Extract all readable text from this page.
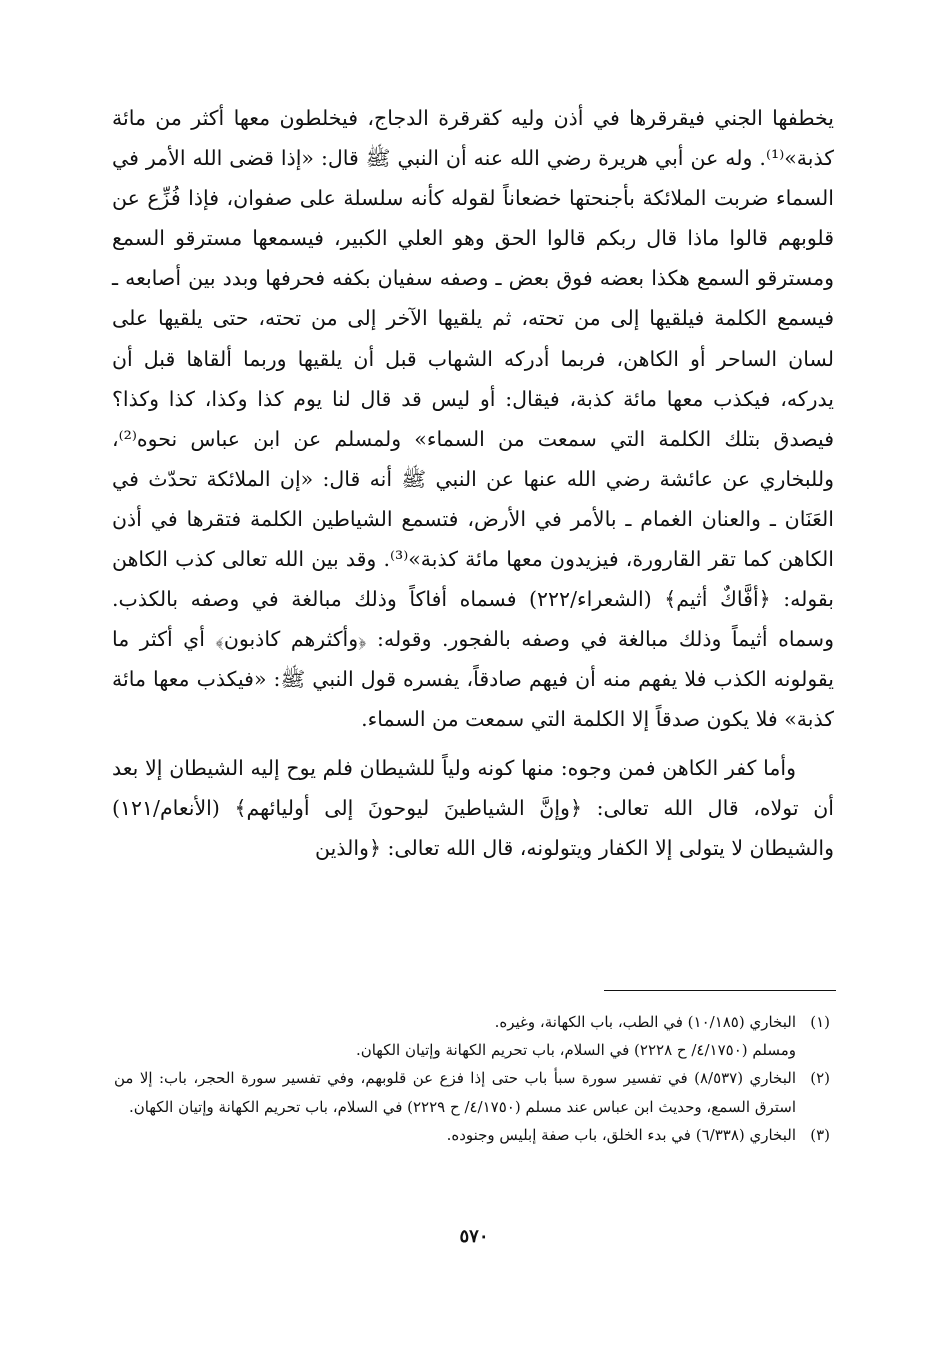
يخطفها الجني فيقرقرها في أذن وليه كقرقرة الدجاج، فيخلطون معها أكثر من مائة كذبة»⁽¹⁾. وله عن أبي هريرة رضي الله عنه أن النبي ﷺ قال: «إذا قضى الله الأمر في السماء ضربت الملائكة بأجنحتها خضعاناً لقوله كأنه سلسلة على صفوان، فإذا فُزِّع عن قلوبهم قالوا ماذا قال ربكم قالوا الحق وهو العلي الكبير، فيسمعها مسترقو السمع ومسترقو السمع هكذا بعضه فوق بعض ـ وصفه سفيان بكفه فحرفها وبدد بين أصابعه ـ فيسمع الكلمة فيلقيها إلى من تحته، ثم يلقيها الآخر إلى من تحته، حتى يلقيها على لسان الساحر أو الكاهن، فربما أدركه الشهاب قبل أن يلقيها وربما ألقاها قبل أن يدركه، فيكذب معها مائة كذبة، فيقال: أو ليس قد قال لنا يوم كذا وكذا، كذا وكذا؟ فيصدق بتلك الكلمة التي سمعت من السماء» ولمسلم عن ابن عباس نحوه⁽²⁾، وللبخاري عن عائشة رضي الله عنها عن النبي ﷺ أنه قال: «إن الملائكة تحدّث في العَنَان ـ والعنان الغمام ـ بالأمر في الأرض، فتسمع الشياطين الكلمة فتقرها في أذن الكاهن كما تقر القارورة، فيزيدون معها مائة كذبة»⁽³⁾. وقد بين الله تعالى كذب الكاهن بقوله: ﴿أفَّاكٌ أثيم﴾ (الشعراء/٢٢٢) فسماه أفاكاً وذلك مبالغة في وصفه بالكذب. وسماه أثيماً وذلك مبالغة في وصفه بالفجور. وقوله: ﴿وأكثرهم كاذبون﴾ أي أكثر ما يقولونه الكذب فلا يفهم منه أن فيهم صادقاً، يفسره قول النبي ﷺ: «فيكذب معها مائة كذبة» فلا يكون صدقاً إلا الكلمة التي سمعت من السماء.

وأما كفر الكاهن فمن وجوه: منها كونه ولياً للشيطان فلم يوح إليه الشيطان إلا بعد أن تولاه، قال الله تعالى: ﴿وإنَّ الشياطينَ ليوحونَ إلى أوليائهم﴾ (الأنعام/١٢١) والشيطان لا يتولى إلا الكفار ويتولونه، قال الله تعالى: ﴿والذين

(١)
البخاري (١٠/١٨٥) في الطب، باب الكهانة، وغيره.
ومسلم (٤/١٧٥٠/ ح ٢٢٢٨) في السلام، باب تحريم الكهانة وإتيان الكهان.
(٢)
البخاري (٨/٥٣٧) في تفسير سورة سبأ باب حتى إذا فزع عن قلوبهم، وفي تفسير سورة الحجر، باب: إلا من استرق السمع، وحديث ابن عباس عند مسلم (٤/١٧٥٠/ ح ٢٢٢٩) في السلام، باب تحريم الكهانة وإتيان الكهان.
(٣)
البخاري (٦/٣٣٨) في بدء الخلق، باب صفة إبليس وجنوده.
٥٧٠
